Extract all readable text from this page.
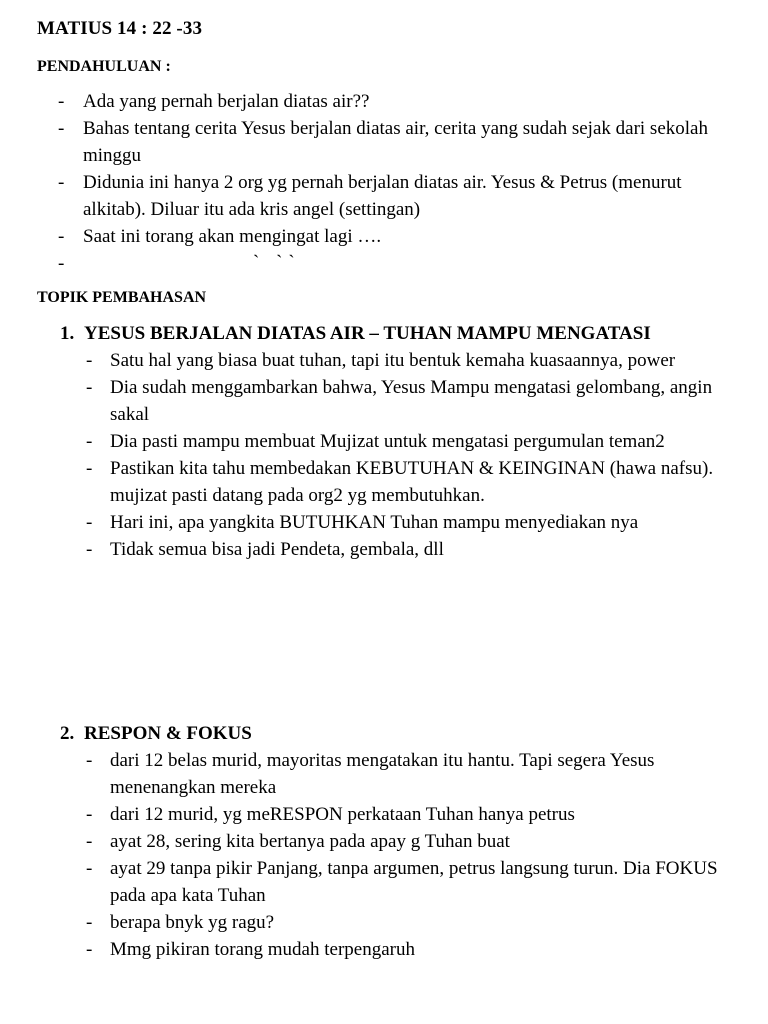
MATIUS 14 : 22 -33
PENDAHULUAN :
- Ada yang pernah berjalan diatas air??
- Bahas tentang cerita Yesus berjalan diatas air, cerita yang sudah sejak dari sekolah minggu
- Didunia ini hanya 2 org yg pernah berjalan diatas air. Yesus & Petrus (menurut alkitab). Diluar itu ada kris angel (settingan)
- Saat ini torang akan mengingat lagi ….
-	` ``
TOPIK PEMBAHASAN
1. YESUS BERJALAN DIATAS AIR – TUHAN MAMPU MENGATASI
- Satu hal yang biasa buat tuhan, tapi itu bentuk kemaha kuasaannya, power
- Dia sudah menggambarkan bahwa, Yesus Mampu mengatasi gelombang, angin sakal
- Dia pasti mampu membuat Mujizat untuk mengatasi pergumulan teman2
- Pastikan kita tahu membedakan KEBUTUHAN & KEINGINAN (hawa nafsu). mujizat pasti datang pada org2 yg membutuhkan.
- Hari ini, apa yangkita BUTUHKAN Tuhan mampu menyediakan nya
- Tidak semua bisa jadi Pendeta, gembala, dll
2. RESPON & FOKUS
- dari 12 belas murid, mayoritas mengatakan itu hantu. Tapi segera Yesus menenangkan mereka
- dari 12 murid, yg meRESPON perkataan Tuhan hanya petrus
- ayat 28, sering kita bertanya pada apay g Tuhan buat
- ayat 29 tanpa pikir Panjang, tanpa argumen, petrus langsung turun. Dia FOKUS pada apa kata Tuhan
- berapa bnyk yg ragu?
- Mmg pikiran torang mudah terpengaruh
